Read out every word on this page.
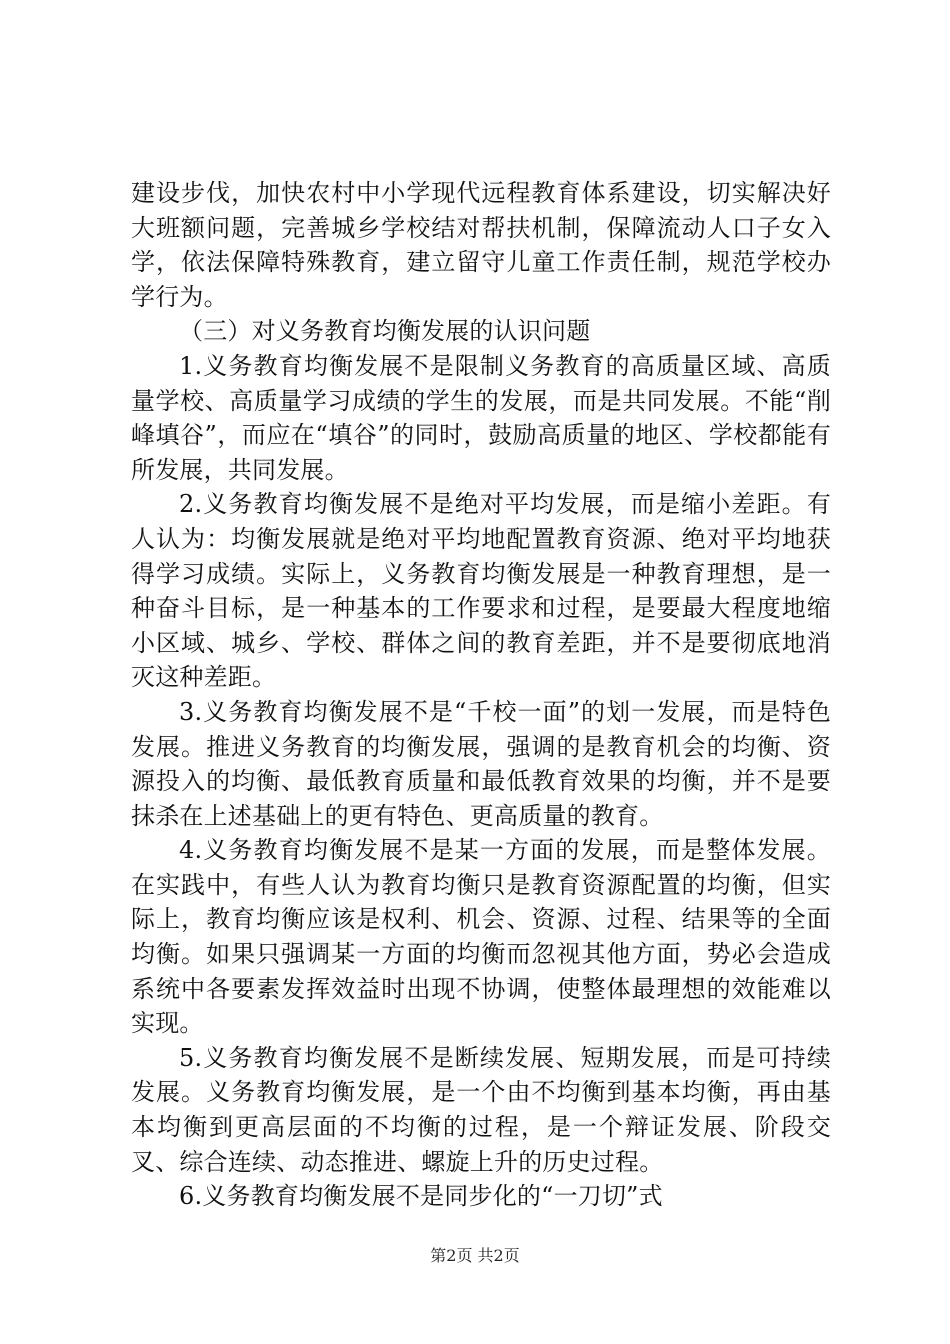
建设步伐，加快农村中小学现代远程教育体系建设，切实解决好大班额问题，完善城乡学校结对帮扶机制，保障流动人口子女入学，依法保障特殊教育，建立留守儿童工作责任制，规范学校办学行为。

（三）对义务教育均衡发展的认识问题

1.义务教育均衡发展不是限制义务教育的高质量区域、高质量学校、高质量学习成绩的学生的发展，而是共同发展。不能“削峰填谷”，而应在“填谷”的同时，鼓励高质量的地区、学校都能有所发展，共同发展。

2.义务教育均衡发展不是绝对平均发展，而是缩小差距。有人认为：均衡发展就是绝对平均地配置教育资源、绝对平均地获得学习成绩。实际上，义务教育均衡发展是一种教育理想，是一种奋斗目标，是一种基本的工作要求和过程，是要最大程度地缩小区域、城乡、学校、群体之间的教育差距，并不是要彻底地消灭这种差距。

3.义务教育均衡发展不是“千校一面”的划一发展，而是特色发展。推进义务教育的均衡发展，强调的是教育机会的均衡、资源投入的均衡、最低教育质量和最低教育效果的均衡，并不是要抹杀在上述基础上的更有特色、更高质量的教育。

4.义务教育均衡发展不是某一方面的发展，而是整体发展。在实践中，有些人认为教育均衡只是教育资源配置的均衡，但实际上，教育均衡应该是权利、机会、资源、过程、结果等的全面均衡。如果只强调某一方面的均衡而忽视其他方面，势必会造成系统中各要素发挥效益时出现不协调，使整体最理想的效能难以实现。

5.义务教育均衡发展不是断续发展、短期发展，而是可持续发展。义务教育均衡发展，是一个由不均衡到基本均衡，再由基本均衡到更高层面的不均衡的过程，是一个辩证发展、阶段交叉、综合连续、动态推进、螺旋上升的历史过程。

6.义务教育均衡发展不是同步化的“一刀切”式

第2页 共2页
